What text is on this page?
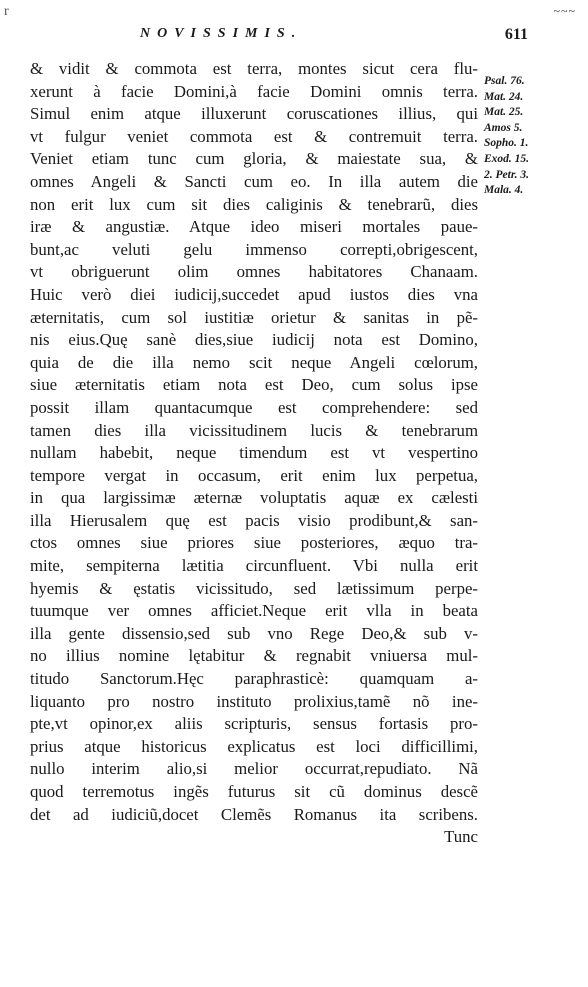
r	~~~
NOVISSIMIS.	611
& vidit & commota est terra, montes sicut cera flu-
xerunt à facie Domini,à facie Domini omnis terra.
Simul enim atque illuxerunt coruscationes illius, qui
vt fulgur veniet commota est & contremuit terra.
Veniet etiam tunc cum gloria, & maiestate sua, &
omnes Angeli & Sancti cum eo. In illa autem die
non erit lux cum sit dies caliginis & tenebrarũ, dies
iræ & angustiæ. Atque ideo miseri mortales paue-
bunt,ac veluti gelu immenso correpti,obrigescent,
vt obriguerunt olim omnes habitatores Chanaam.
Huic verò diei iudicij,succedet apud iustos dies vna
æternitatis, cum sol iustitiæ orietur & sanitas in pẽ-
nis eius.Quę sanè dies,siue iudicij nota est Domino,
quia de die illa nemo scit neque Angeli cœlorum,
siue æternitatis etiam nota est Deo, cum solus ipse
possit illam quantacumque est comprehendere: sed
tamen dies illa vicissitudinem lucis & tenebrarum
nullam habebit, neque timendum est vt vespertino
tempore vergat in occasum, erit enim lux perpetua,
in qua largissimæ æternæ voluptatis aquæ ex cælesti
illa Hierusalem quę est pacis visio prodibunt,& san-
ctos omnes siue priores siue posteriores, æquo tra-
mite, sempiterna lætitia circunfluent. Vbi nulla erit
hyemis & ęstatis vicissitudo, sed lætissimum perpe-
tuumque ver omnes afficiet.Neque erit vlla in beata
illa gente dissensio,sed sub vno Rege Deo,& sub v-
no illius nomine lętabitur & regnabit vniuersa mul-
titudo Sanctorum.Hęc paraphrasticè: quamquam a-
liquanto pro nostro instituto prolixius,tamẽ nõ ine-
pte,vt opinor,ex aliis scripturis, sensus fortasis pro-
prius atque historicus explicatus est loci difficillimi,
nullo interim alio,si melior occurrat,repudiato. Nã
quod terremotus ingẽs futurus sit cũ dominus descẽ
det ad iudiciũ,docet Clemẽs Romanus ita scribens.
Tunc
Psal. 76.
Mat. 24.
Mat. 25.
Amos 5.
Sopho. 1.
Exod. 15.
2. Petr. 3.
Mala. 4.
